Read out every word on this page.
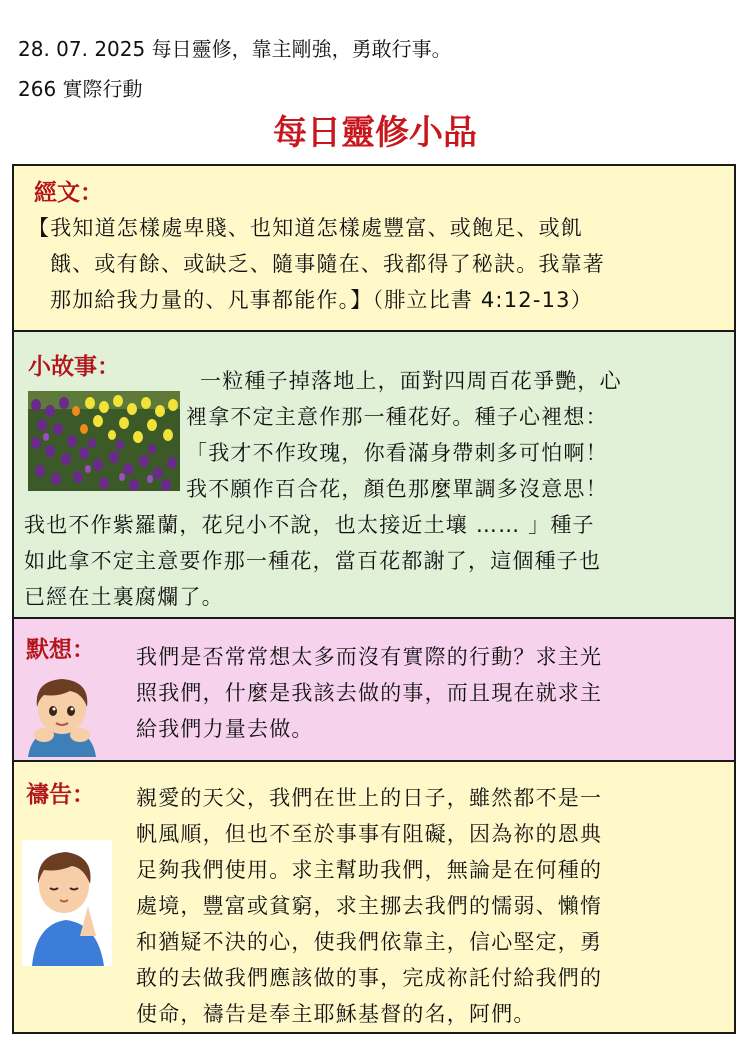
28. 07. 2025 每日靈修，靠主剛強，勇敢行事。
266 實際行動
每日靈修小品
經文：
【我知道怎樣處卑賤、也知道怎樣處豐富、或飽足、或飢
餓、或有餘、或缺乏、隨事隨在、我都得了秘訣。我靠著
那加給我力量的、凡事都能作。】（腓立比書 4:12-13）
小故事：
一粒種子掉落地上，面對四周百花爭艷，心
裡拿不定主意作那一種花好。種子心裡想：
「我才不作玫瑰，你看滿身帶刺多可怕啊！
我不願作百合花，顏色那麼單調多沒意思！
我也不作紫羅蘭，花兒小不說，也太接近土壤 …… 」種子
如此拿不定主意要作那一種花，當百花都謝了，這個種子也
已經在土裏腐爛了。
默想： 我們是否常常想太多而沒有實際的行動？求主光
照我們，什麼是我該去做的事，而且現在就求主
給我們力量去做。
禱告： 親愛的天父，我們在世上的日子，雖然都不是一
帆風順，但也不至於事事有阻礙，因為祢的恩典
足夠我們使用。求主幫助我們，無論是在何種的
處境，豐富或貧窮，求主挪去我們的懦弱、懶惰
和猶疑不決的心，使我們依靠主，信心堅定，勇
敢的去做我們應該做的事，完成祢託付給我們的
使命，禱告是奉主耶穌基督的名，阿們。
